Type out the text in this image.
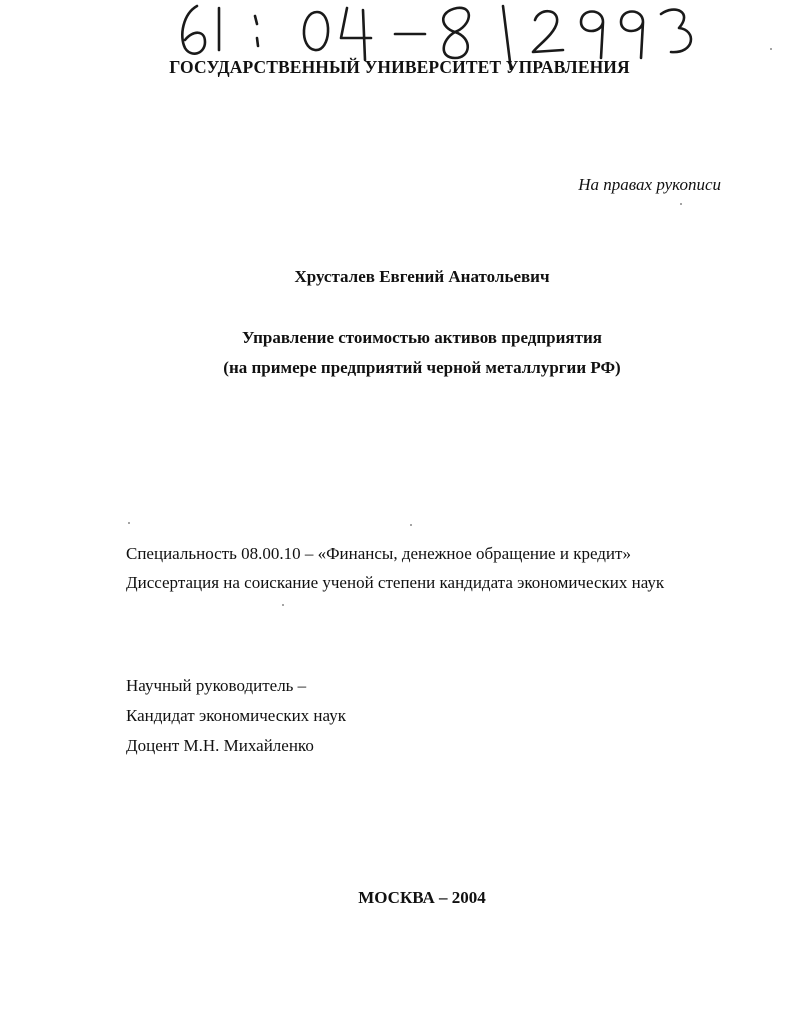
ГОСУДАРСТВЕННЫЙ УНИВЕРСИТЕТ УПРАВЛЕНИЯ
На правах рукописи
Хрусталев Евгений Анатольевич
Управление стоимостью активов предприятия
(на примере предприятий черной металлургии РФ)
Специальность 08.00.10 – «Финансы, денежное обращение и кредит»
Диссертация на соискание ученой степени кандидата экономических наук
Научный руководитель –
Кандидат экономических наук
Доцент М.Н. Михайленко
МОСКВА – 2004
